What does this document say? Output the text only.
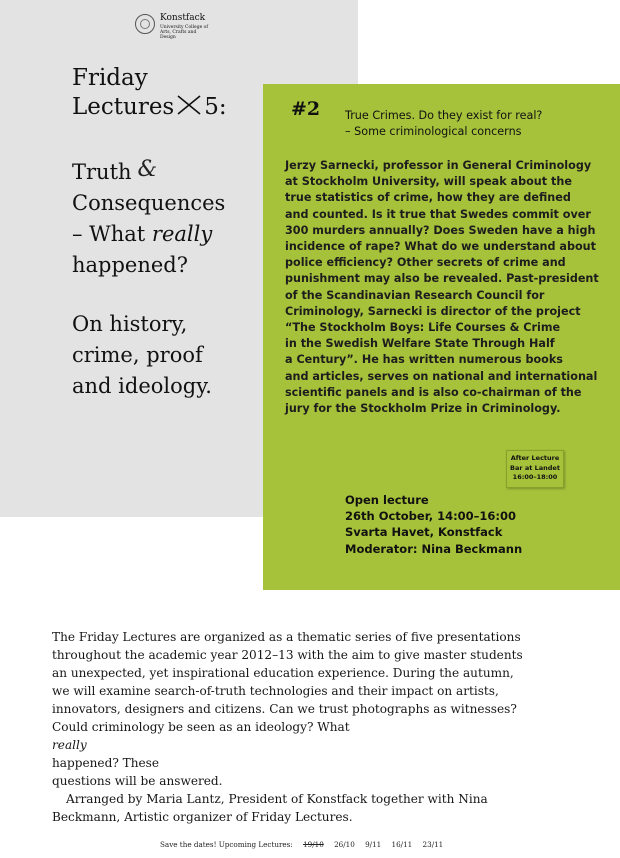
Konstfack
University College of
Arts, Crafts and Design
Friday
Lectures 5:
Truth &
Consequences
– What really
happened?
On history,
crime, proof
and ideology.
#2 True Crimes. Do they exist for real?
– Some criminological concerns
Jerzy Sarnecki, professor in General Criminology
at Stockholm University, will speak about the
true statistics of crime, how they are defined
and counted. Is it true that Swedes commit over
300 murders annually? Does Sweden have a high
incidence of rape? What do we understand about
police efficiency? Other secrets of crime and
punishment may also be revealed. Past-president
of the Scandinavian Research Council for
Criminology, Sarnecki is director of the project
“The Stockholm Boys: Life Courses & Crime
in the Swedish Welfare State Through Half
a Century”. He has written numerous books
and articles, serves on national and international
scientific panels and is also co-chairman of the
jury for the Stockholm Prize in Criminology.
After Lecture
Bar at Landet
16:00–18:00
Open lecture
26th October, 14:00–16:00
Svarta Havet, Konstfack
Moderator: Nina Beckmann
The Friday Lectures are organized as a thematic series of five presentations
throughout the academic year 2012–13 with the aim to give master students
an unexpected, yet inspirational education experience. During the autumn,
we will examine search-of-truth technologies and their impact on artists,
innovators, designers and citizens. Can we trust photographs as witnesses?
Could criminology be seen as an ideology? What
really
happened? These
questions will be answered.
Arranged by Maria Lantz, President of Konstfack together with Nina
Beckmann, Artistic organizer of Friday Lectures.
Save the dates! Upcoming Lectures: 19/10 26/10 9/11 16/11 23/11
